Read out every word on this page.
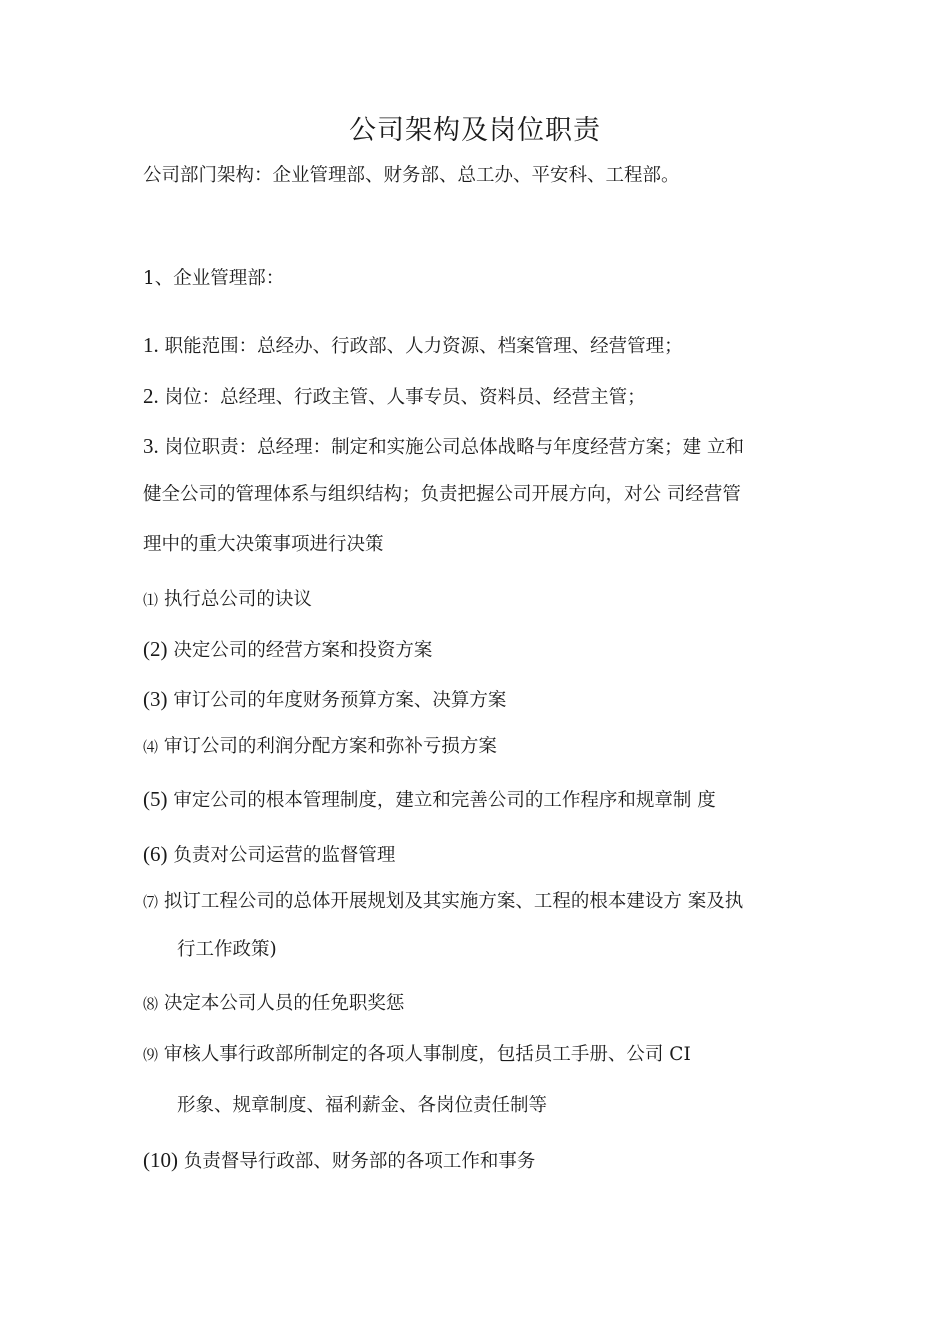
公司架构及岗位职责
公司部门架构：企业管理部、财务部、总工办、平安科、工程部。
1、企业管理部：
1. 职能范围：总经办、行政部、人力资源、档案管理、经营管理；
2. 岗位：总经理、行政主管、人事专员、资料员、经营主管；
3. 岗位职责：总经理：制定和实施公司总体战略与年度经营方案；建 立和
健全公司的管理体系与组织结构；负责把握公司开展方向，对公 司经营管
理中的重大决策事项进行决策
⑴ 执行总公司的诀议
(2) 决定公司的经营方案和投资方案
(3) 审订公司的年度财务预算方案、决算方案
⑷ 审订公司的利润分配方案和弥补亏损方案
(5) 审定公司的根本管理制度，建立和完善公司的工作程序和规章制 度
(6) 负责对公司运营的监督管理
⑺ 拟订工程公司的总体开展规划及其实施方案、工程的根本建设方 案及执
行工作政策)
⑻ 决定本公司人员的任免职奖惩
⑼ 审核人事行政部所制定的各项人事制度，包括员工手册、公司 CI
形象、规章制度、福利薪金、各岗位责任制等
(10) 负责督导行政部、财务部的各项工作和事务
